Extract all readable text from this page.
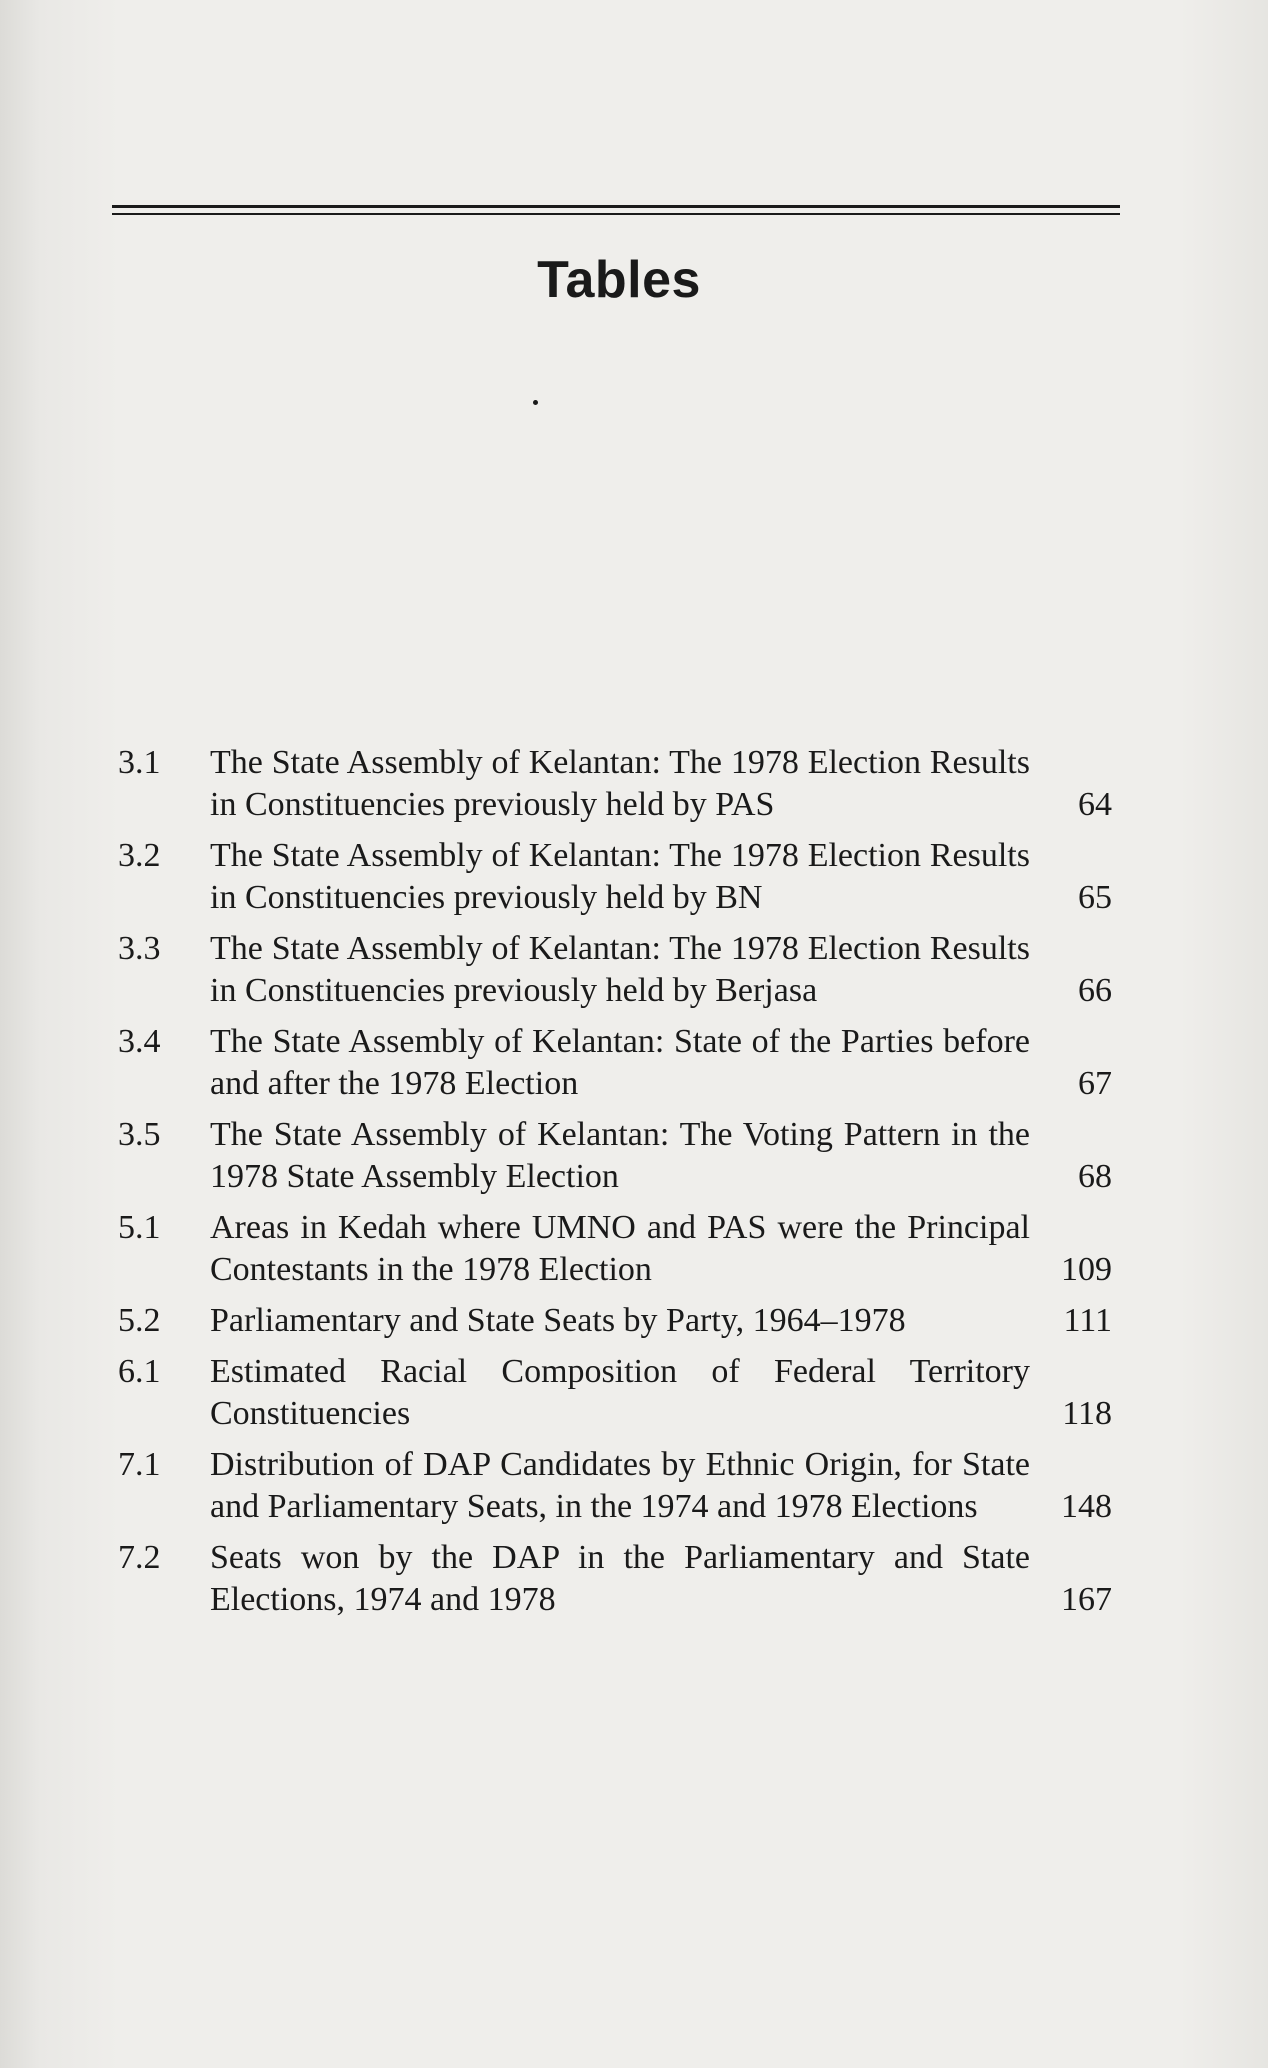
Tables
3.1	The State Assembly of Kelantan: The 1978 Election Results in Constituencies previously held by PAS	64
3.2	The State Assembly of Kelantan: The 1978 Election Results in Constituencies previously held by BN	65
3.3	The State Assembly of Kelantan: The 1978 Election Results in Constituencies previously held by Berjasa	66
3.4	The State Assembly of Kelantan: State of the Parties before and after the 1978 Election	67
3.5	The State Assembly of Kelantan: The Voting Pattern in the 1978 State Assembly Election	68
5.1	Areas in Kedah where UMNO and PAS were the Principal Contestants in the 1978 Election	109
5.2	Parliamentary and State Seats by Party, 1964–1978	111
6.1	Estimated Racial Composition of Federal Territory Constituencies	118
7.1	Distribution of DAP Candidates by Ethnic Origin, for State and Parliamentary Seats, in the 1974 and 1978 Elections	148
7.2	Seats won by the DAP in the Parliamentary and State Elections, 1974 and 1978	167
